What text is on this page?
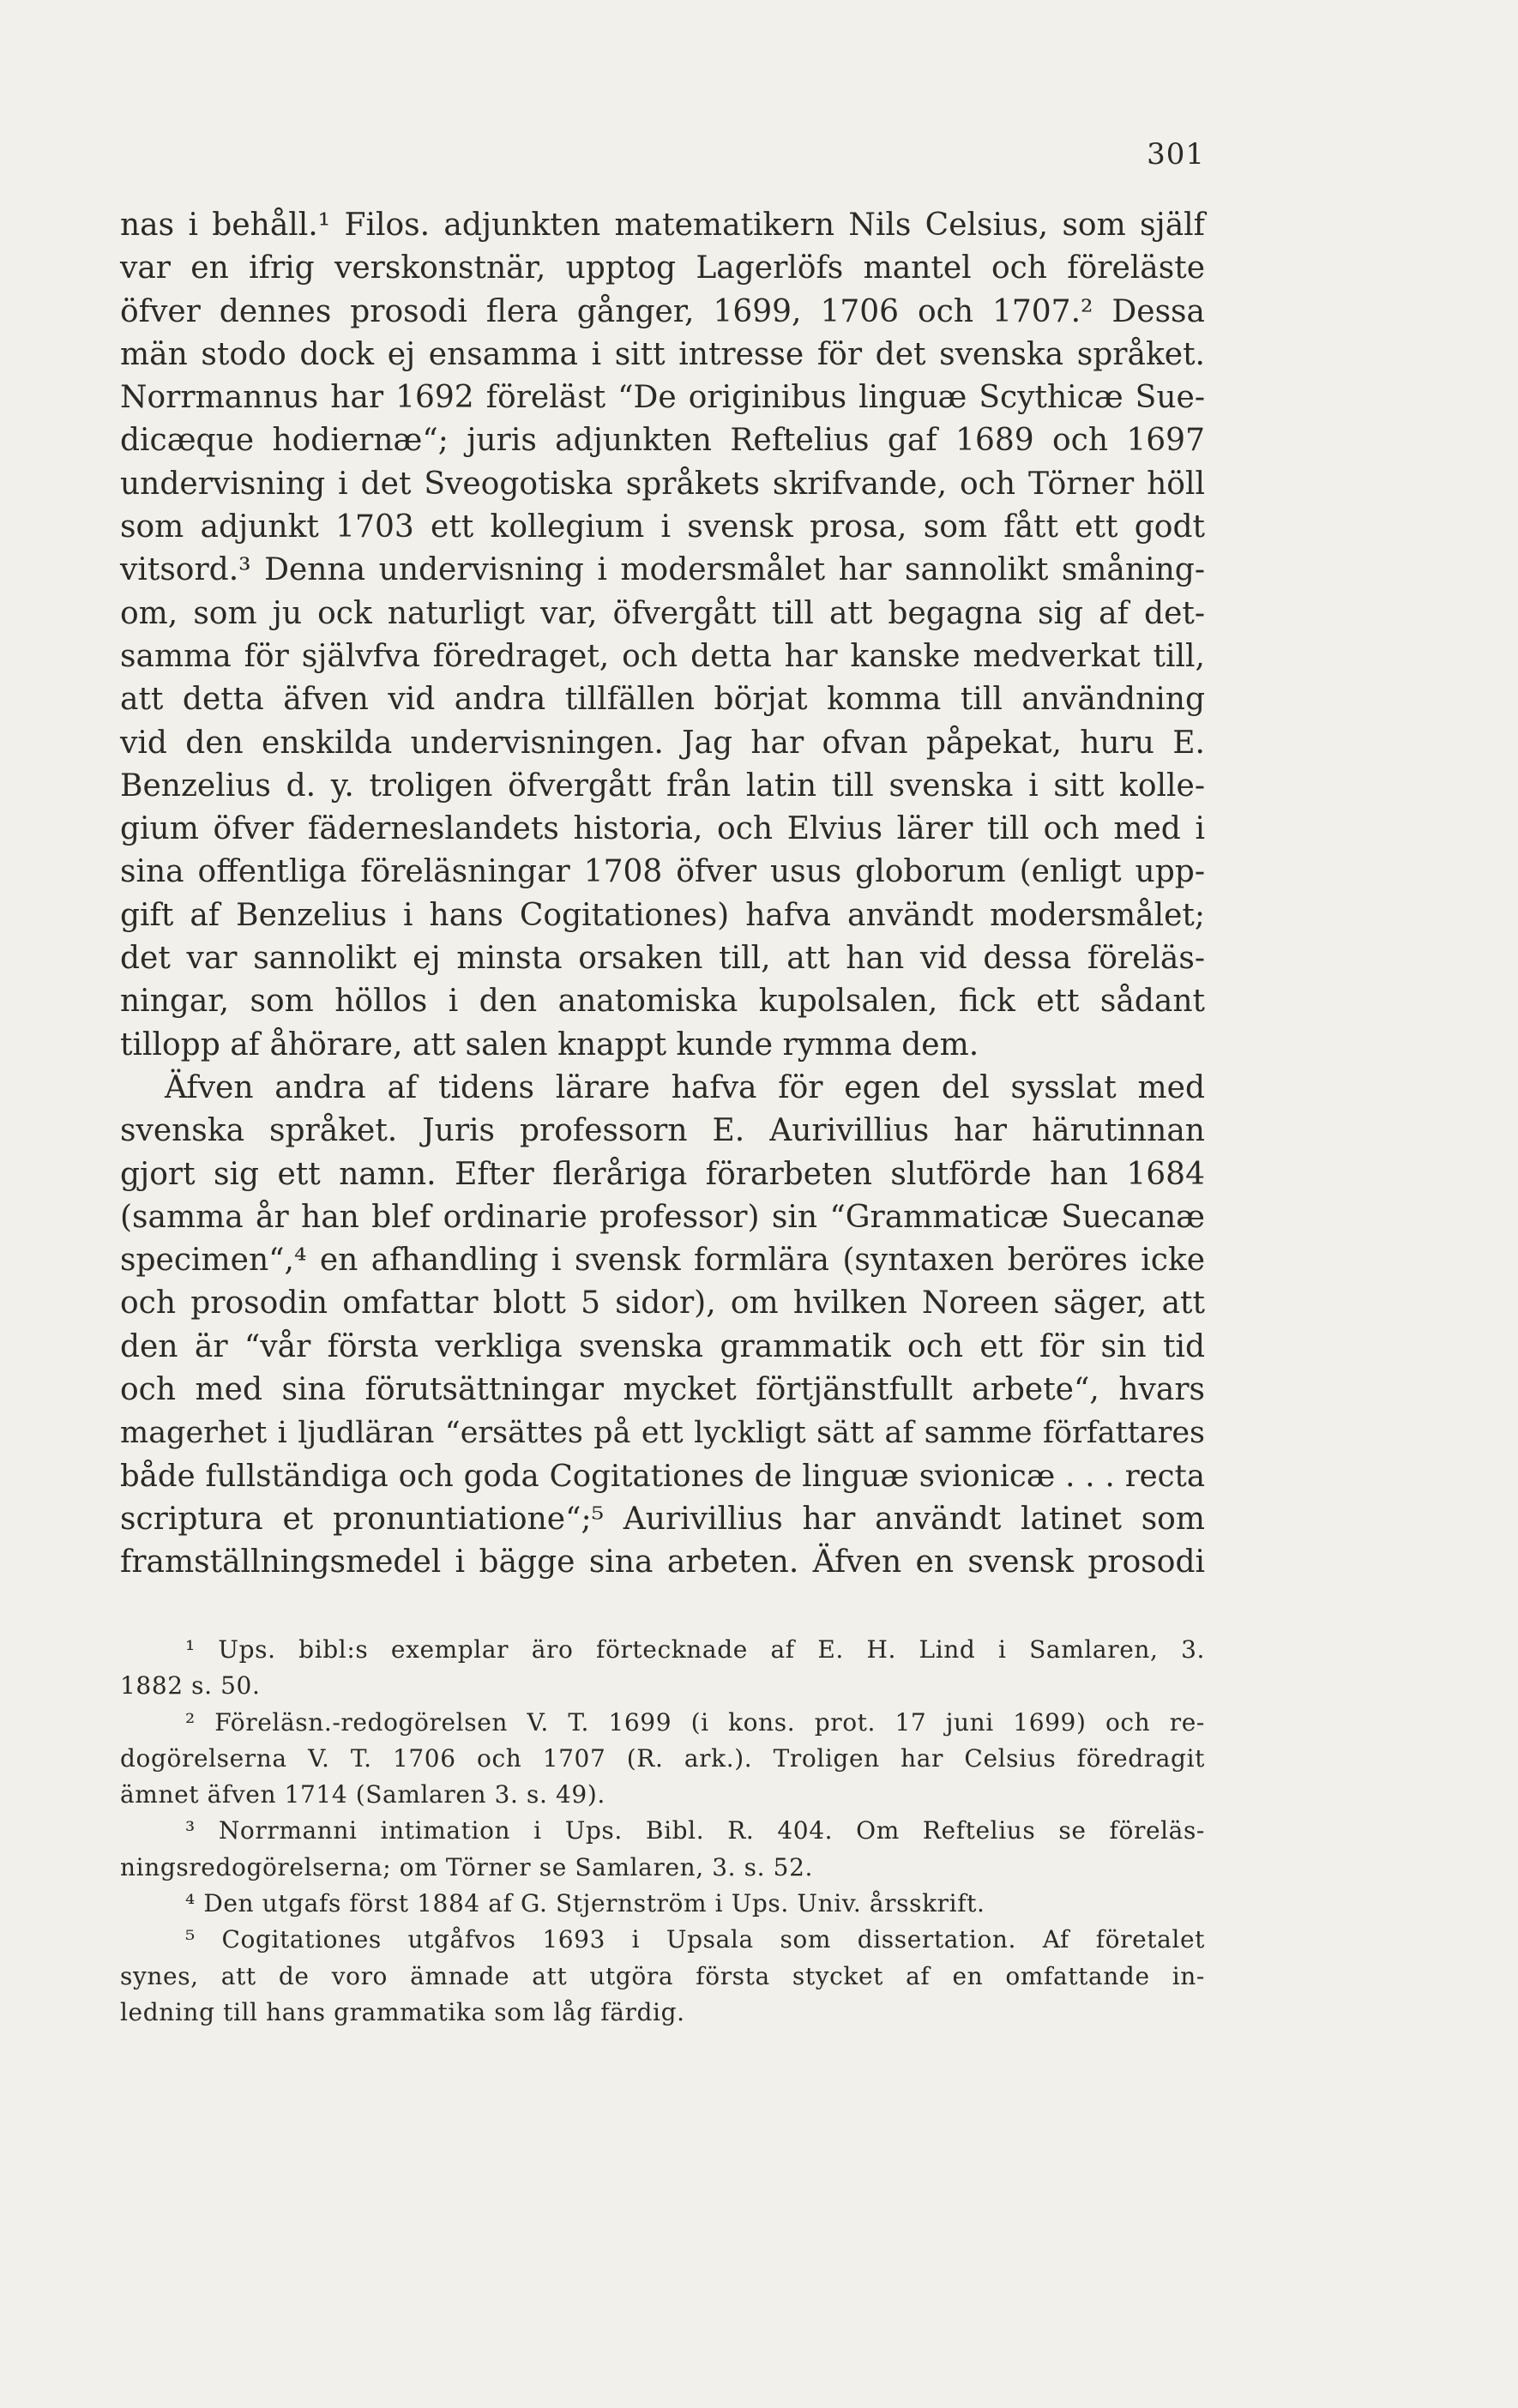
301
nas i behåll.¹ Filos. adjunkten matematikern Nils Celsius, som själf
var en ifrig verskonstnär, upptog Lagerlöfs mantel och föreläste
öfver dennes prosodi flera gånger, 1699, 1706 och 1707.² Dessa
män stodo dock ej ensamma i sitt intresse för det svenska språket.
Norrmannus har 1692 föreläst “De originibus linguæ Scythicæ Sue-
dicæque hodiernæ“; juris adjunkten Reftelius gaf 1689 och 1697
undervisning i det Sveogotiska språkets skrifvande, och Törner höll
som adjunkt 1703 ett kollegium i svensk prosa, som fått ett godt
vitsord.³ Denna undervisning i modersmålet har sannolikt småning-
om, som ju ock naturligt var, öfvergått till att begagna sig af det-
samma för självfva föredraget, och detta har kanske medverkat till,
att detta äfven vid andra tillfällen börjat komma till användning
vid den enskilda undervisningen. Jag har ofvan påpekat, huru E.
Benzelius d. y. troligen öfvergått från latin till svenska i sitt kolle-
gium öfver fäderneslandets historia, och Elvius lärer till och med i
sina offentliga föreläsningar 1708 öfver usus globorum (enligt upp-
gift af Benzelius i hans Cogitationes) hafva användt modersmålet;
det var sannolikt ej minsta orsaken till, att han vid dessa föreläs-
ningar, som höllos i den anatomiska kupolsalen, fick ett sådant
tillopp af åhörare, att salen knappt kunde rymma dem.
Äfven andra af tidens lärare hafva för egen del sysslat med
svenska språket. Juris professorn E. Aurivillius har härutinnan
gjort sig ett namn. Efter fleråriga förarbeten slutförde han 1684
(samma år han blef ordinarie professor) sin “Grammaticæ Suecanæ
specimen“,⁴ en afhandling i svensk formlära (syntaxen beröres icke
och prosodin omfattar blott 5 sidor), om hvilken Noreen säger, att
den är “vår första verkliga svenska grammatik och ett för sin tid
och med sina förutsättningar mycket förtjänstfullt arbete“, hvars
magerhet i ljudläran “ersättes på ett lyckligt sätt af samme författares
både fullständiga och goda Cogitationes de linguæ svionicæ . . . recta
scriptura et pronuntiatione“;⁵ Aurivillius har användt latinet som
framställningsmedel i bägge sina arbeten. Äfven en svensk prosodi
¹ Ups. bibl:s exemplar äro förtecknade af E. H. Lind i Samlaren, 3.
1882 s. 50.
² Föreläsn.-redogörelsen V. T. 1699 (i kons. prot. 17 juni 1699) och re-
dogörelserna V. T. 1706 och 1707 (R. ark.). Troligen har Celsius föredragit
ämnet äfven 1714 (Samlaren 3. s. 49).
³ Norrmanni intimation i Ups. Bibl. R. 404. Om Reftelius se föreläs-
ningsredogörelserna; om Törner se Samlaren, 3. s. 52.
⁴ Den utgafs först 1884 af G. Stjernström i Ups. Univ. årsskrift.
⁵ Cogitationes utgåfvos 1693 i Upsala som dissertation. Af företalet
synes, att de voro ämnade att utgöra första stycket af en omfattande in-
ledning till hans grammatika som låg färdig.
